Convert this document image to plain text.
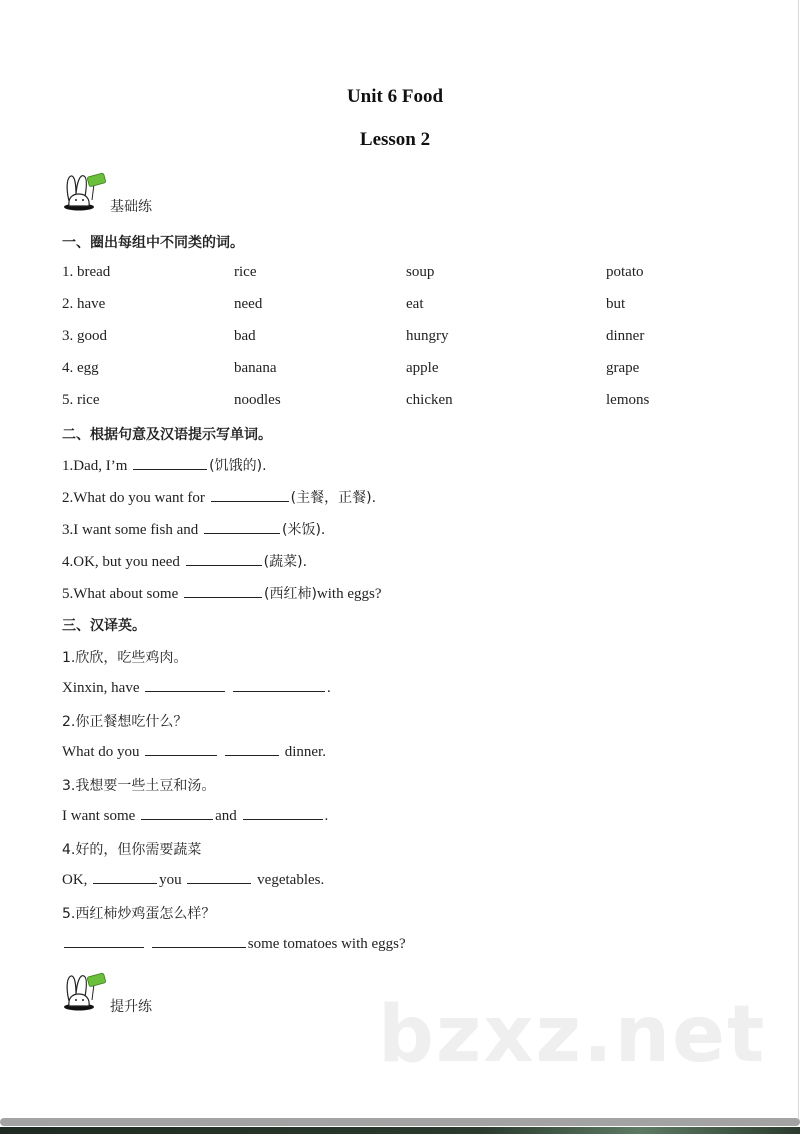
Unit 6 Food
Lesson 2
基础练
一、圈出每组中不同类的词。
1. bread	rice	soup	potato
2. have	need	eat	but
3. good	bad	hungry	dinner
4. egg	banana	apple	grape
5. rice	noodles	chicken	lemons
二、根据句意及汉语提示写单词。
1.Dad, I’m	(饥饿的).
2.What do you want for	(主餐，正餐).
3.I want some fish and	(米饭).
4.OK, but you need	(蔬菜).
5.What about some	(西红柿)with eggs?
三、汉译英。
1.欣欣，吃些鸡肉。
Xinxin, have	.
2.你正餐想吃什么？
What do you	dinner.
3.我想要一些土豆和汤。
I want some	and	.
4.好的，但你需要蔬菜
OK,	you	vegetables.
5.西红柿炒鸡蛋怎么样？
some tomatoes with eggs?
提升练	bzxz.net
